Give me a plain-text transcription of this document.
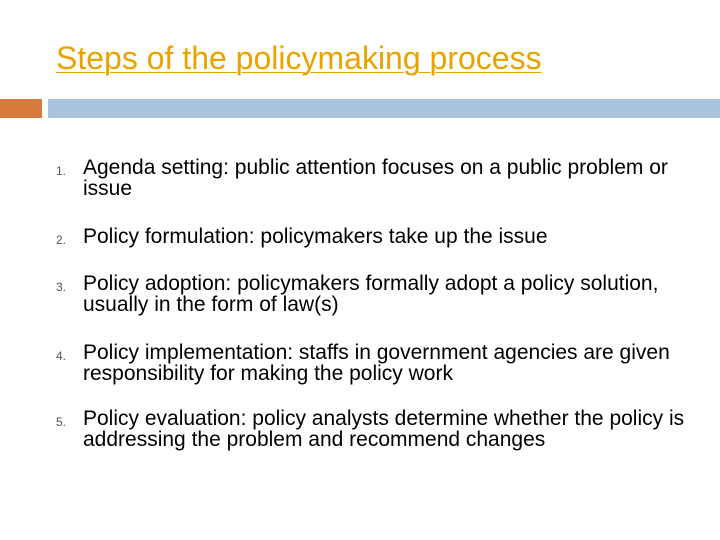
Steps of the policymaking process
1. Agenda setting: public attention focuses on a public problem or issue
2. Policy formulation: policymakers take up the issue
3. Policy adoption: policymakers formally adopt a policy solution, usually in the form of law(s)
4. Policy implementation: staffs in government agencies are given responsibility for making the policy work
5. Policy evaluation: policy analysts determine whether the policy is addressing the problem and recommend changes
